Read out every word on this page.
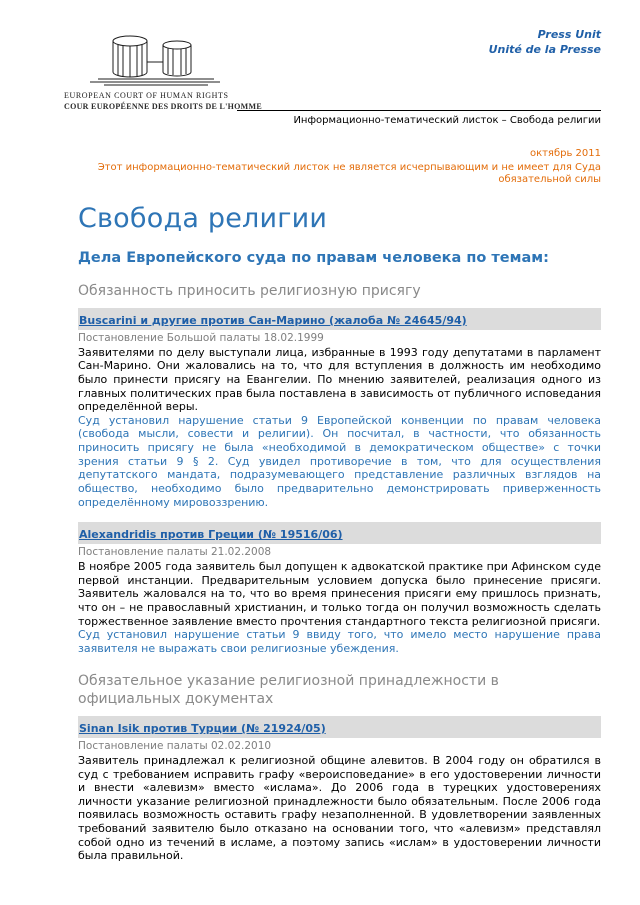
EUROPEAN COURT OF HUMAN RIGHTS
COUR EUROPÉENNE DES DROITS DE L'HOMME
Press Unit
Unité de la Presse
Информационно-тематический листок – Свобода религии
октябрь 2011
Этот информационно-тематический листок не является исчерпывающим и не имеет для Суда обязательной силы
Свобода религии
Дела Европейского суда по правам человека по темам:
Обязанность приносить религиозную присягу
Buscarini и другие против Сан-Марино (жалоба № 24645/94)
Постановление Большой палаты 18.02.1999

Заявителями по делу выступали лица, избранные в 1993 году депутатами в парламент Сан-Марино. Они жаловались на то, что для вступления в должность им необходимо было принести присягу на Евангелии. По мнению заявителей, реализация одного из главных политических прав была поставлена в зависимость от публичного исповедания определённой веры.

Суд установил нарушение статьи 9 Европейской конвенции по правам человека (свобода мысли, совести и религии). Он посчитал, в частности, что обязанность приносить присягу не была «необходимой в демократическом обществе» с точки зрения статьи 9 § 2. Суд увидел противоречие в том, что для осуществления депутатского мандата, подразумевающего представление различных взглядов на общество, необходимо было предварительно демонстрировать приверженность определённому мировоззрению.

Alexandridis против Греции (№ 19516/06)
Постановление палаты 21.02.2008

В ноябре 2005 года заявитель был допущен к адвокатской практике при Афинском суде первой инстанции. Предварительным условием допуска было принесение присяги. Заявитель жаловался на то, что во время принесения присяги ему пришлось признать, что он – не православный христианин, и только тогда он получил возможность сделать торжественное заявление вместо прочтения стандартного текста религиозной присяги.

Суд установил нарушение статьи 9 ввиду того, что имело место нарушение права заявителя не выражать свои религиозные убеждения.

Обязательное указание религиозной принадлежности в официальных документах
Sinan Isik против Турции (№ 21924/05)
Постановление палаты 02.02.2010

Заявитель принадлежал к религиозной общине алевитов. В 2004 году он обратился в суд с требованием исправить графу «вероисповедание» в его удостоверении личности и внести «алевизм» вместо «ислама». До 2006 года в турецких удостоверениях личности указание религиозной принадлежности было обязательным. После 2006 года появилась возможность оставить графу незаполненной. В удовлетворении заявленных требований заявителю было отказано на основании того, что «алевизм» представлял собой одно из течений в исламе, а поэтому запись «ислам» в удостоверении личности была правильной.
